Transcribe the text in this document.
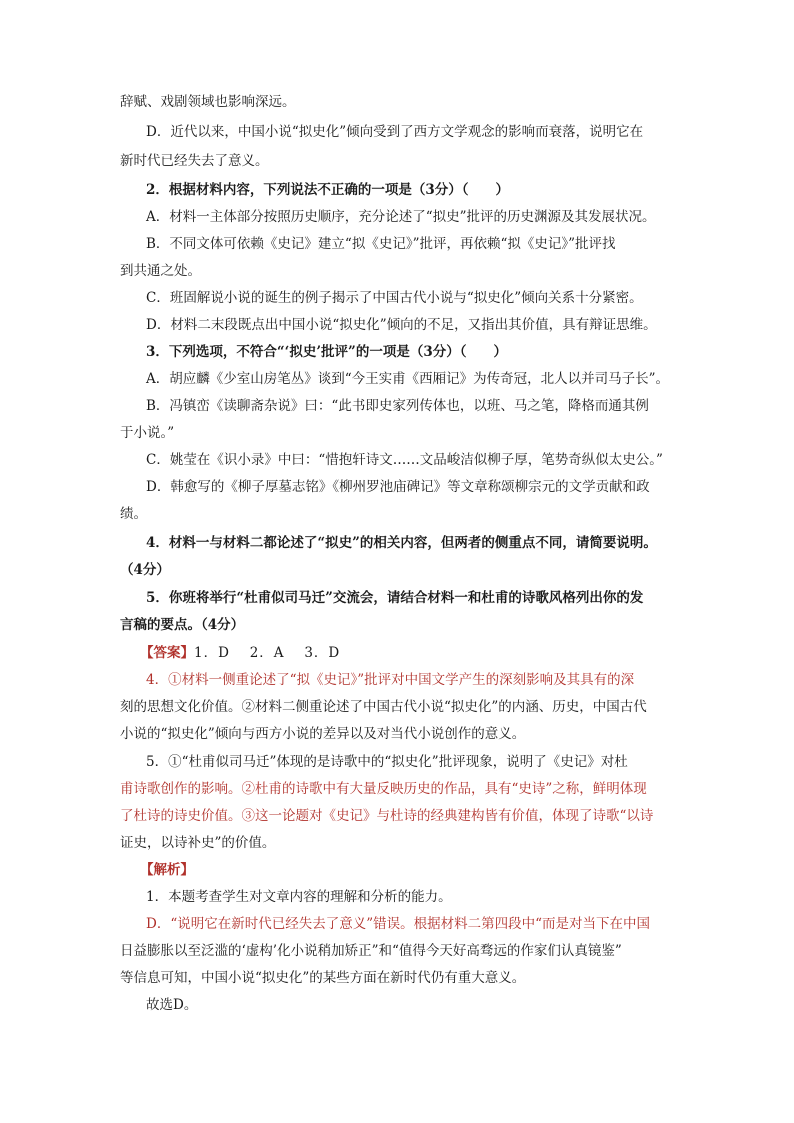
辞赋、戏剧领域也影响深远。
D．近代以来，中国小说“拟史化”倾向受到了西方文学观念的影响而衰落，说明它在
新时代已经失去了意义。
2．根据材料内容，下列说法不正确的一项是（3分）（　　）
A．材料一主体部分按照历史顺序，充分论述了“拟史”批评的历史渊源及其发展状况。
B．不同文体可依赖《史记》建立“拟《史记》”批评，再依赖“拟《史记》”批评找
到共通之处。
C．班固解说小说的诞生的例子揭示了中国古代小说与“拟史化”倾向关系十分紧密。
D．材料二末段既点出中国小说“拟史化”倾向的不足，又指出其价值，具有辩证思维。
3．下列选项，不符合“‘拟史’批评”的一项是（3分）（　　）
A．胡应麟《少室山房笔丛》谈到“今王实甫《西厢记》为传奇冠，北人以并司马子长”。
B．冯镇峦《读聊斋杂说》曰：“此书即史家列传体也，以班、马之笔，降格而通其例
于小说。”
C．姚莹在《识小录》中曰：“惜抱轩诗文……文品峻洁似柳子厚，笔势奇纵似太史公。”
D．韩愈写的《柳子厚墓志铭》《柳州罗池庙碑记》等文章称颂柳宗元的文学贡献和政
绩。
4．材料一与材料二都论述了“拟史”的相关内容，但两者的侧重点不同，请简要说明。
（4分）
5．你班将举行“杜甫似司马迁”交流会，请结合材料一和杜甫的诗歌风格列出你的发
言稿的要点。（4分）
【答案】1．D　 2．A　 3．D
4．①材料一侧重论述了“拟《史记》”批评对中国文学产生的深刻影响及其具有的深
刻的思想文化价值。②材料二侧重论述了中国古代小说“拟史化”的内涵、历史，中国古代
小说的“拟史化”倾向与西方小说的差异以及对当代小说创作的意义。
5．①“杜甫似司马迁”体现的是诗歌中的“拟史化”批评现象，说明了《史记》对杜
甫诗歌创作的影响。②杜甫的诗歌中有大量反映历史的作品，具有“史诗”之称，鲜明体现
了杜诗的诗史价值。③这一论题对《史记》与杜诗的经典建构皆有价值，体现了诗歌“以诗
证史，以诗补史”的价值。
【解析】
1．本题考查学生对文章内容的理解和分析的能力。
D．“说明它在新时代已经失去了意义”错误。根据材料二第四段中“而是对当下在中国
日益膨胀以至泛滥的‘虚构’化小说稍加矫正”和“值得今天好高骛远的作家们认真镜鉴”
等信息可知，中国小说“拟史化”的某些方面在新时代仍有重大意义。
故选D。
